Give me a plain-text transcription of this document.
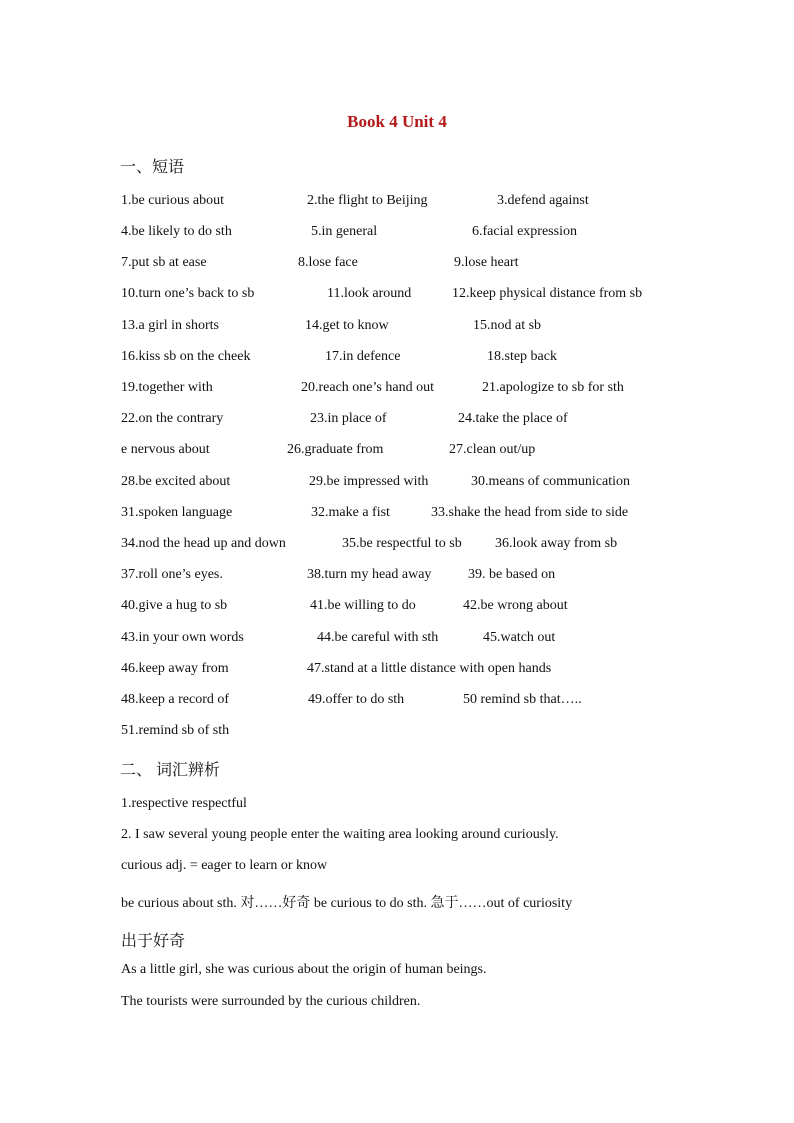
Book 4 Unit 4
一、短语
1.be curious about	2.the flight to Beijing	3.defend against
4.be likely to do sth	5.in general	6.facial expression
7.put sb at ease	8.lose face	9.lose heart
10.turn one’s back to sb	11.look around	12.keep physical distance from sb
13.a girl in shorts	14.get to know	15.nod at sb
16.kiss sb on the cheek	17.in defence	18.step back
19.together with	20.reach one’s hand out	21.apologize to sb for sth
22.on the contrary	23.in place of	24.take the place of
e nervous about	26.graduate from	27.clean out/up
28.be excited about	29.be impressed with	30.means of communication
31.spoken language	32.make a fist	33.shake the head from side to side
34.nod the head up and down	35.be respectful to sb 36.look away from sb
37.roll one’s eyes.	38.turn my head away	39. be based on
40.give a hug to sb	41.be willing to do	42.be wrong about
43.in your own words	44.be careful with sth	45.watch out
46.keep away from	47.stand at a little distance with open hands
48.keep a record of	49.offer to do sth	50 remind sb that…..
51.remind sb of sth
二、 词汇辨析
1.respective respectful
2. I saw several young people enter the waiting area looking around curiously.
curious adj. = eager to learn or know
be curious about sth. 对……好奇 be curious to do sth. 急于……out of curiosity
出于好奇
As a little girl, she was curious about the origin of human beings.
The tourists were surrounded by the curious children.
